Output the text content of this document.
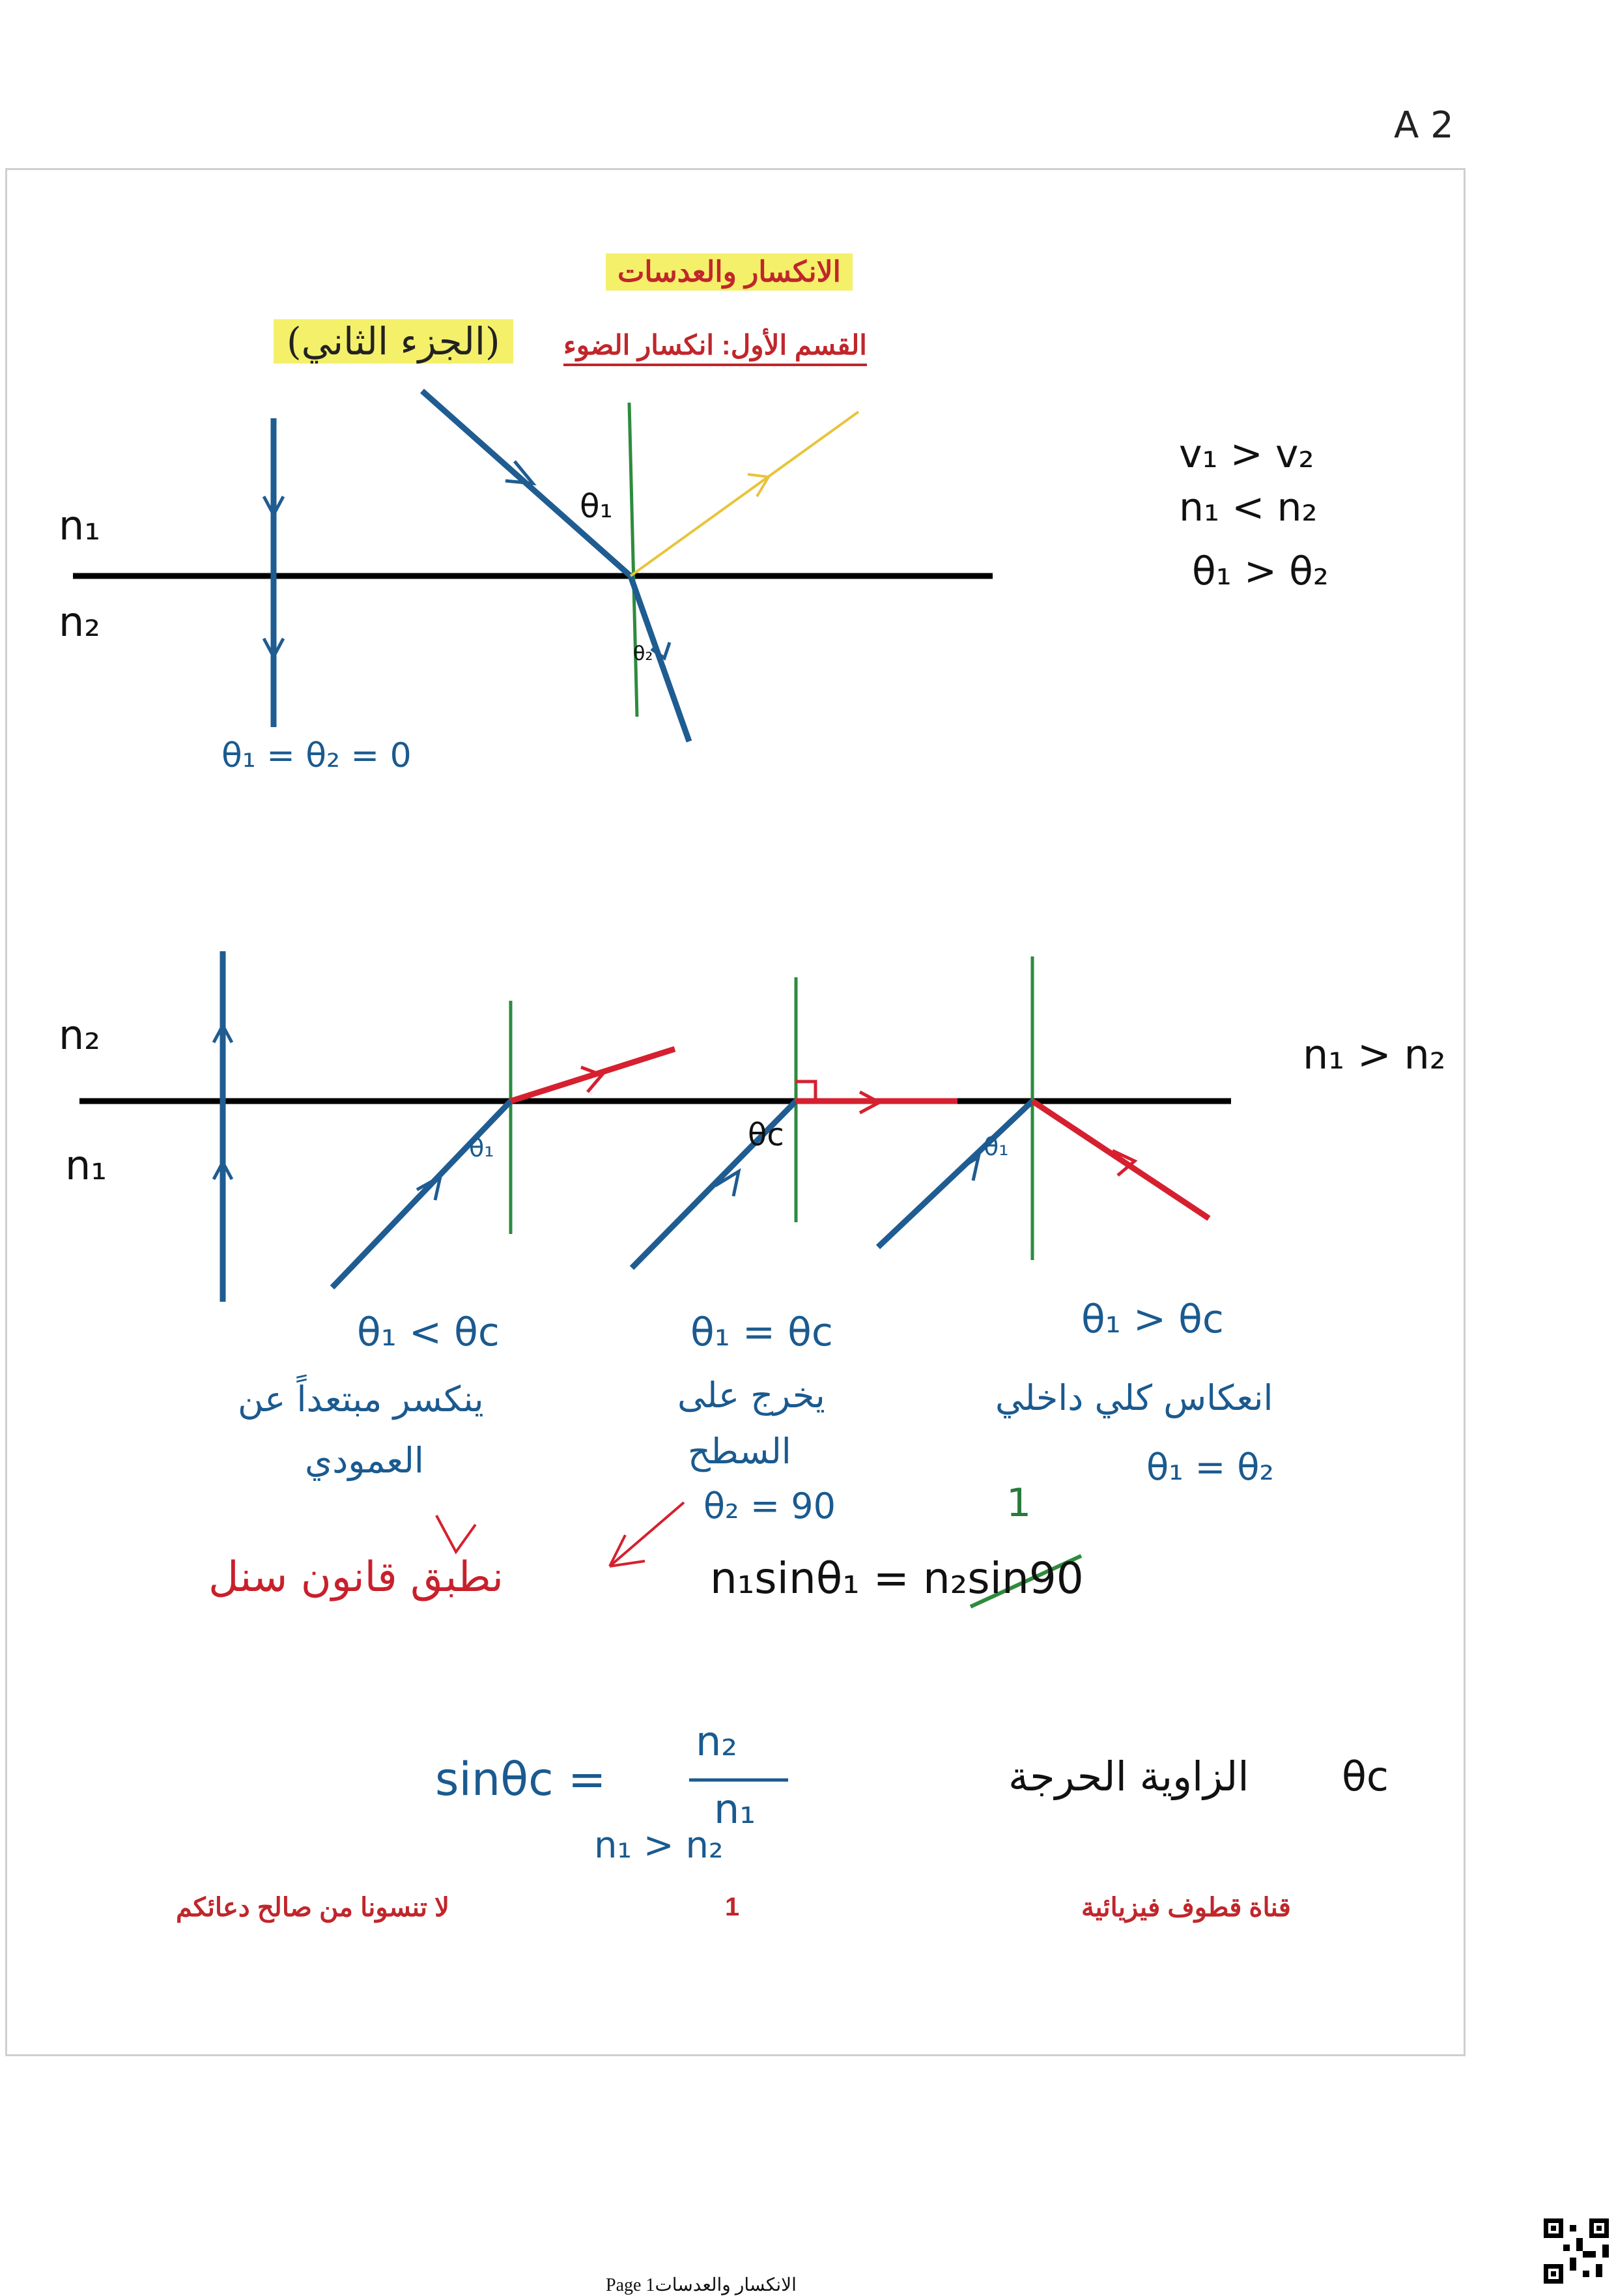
A 2
الانكسار والعدسات
(الجزء الثاني)	القسم الأول: انكسار الضوء
n₁
n₂
θ₁
θ₂
θ₁ = θ₂ = 0
v₁ > v₂
n₁ < n₂
θ₁ > θ₂
n₂
n₁
n₁ > n₂
θ₁	θc	θ₁
θ₁ < θc
ينكسر مبتعداً عن
العمودي
θ₁ = θc
يخرج على
السطح
θ₂ = 90
θ₁ > θc
انعكاس كلي داخلي
θ₁ = θ₂
نطبق قانون سنل	n₁sinθ₁ = n₂sin90
1
sinθc =
n₂
n₁
n₁ > n₂
الزاوية الحرجة θc
لا تنسونا من صالح دعائكم	1	قناة قطوف فيزيائية
Page 1الانكسار والعدسات
